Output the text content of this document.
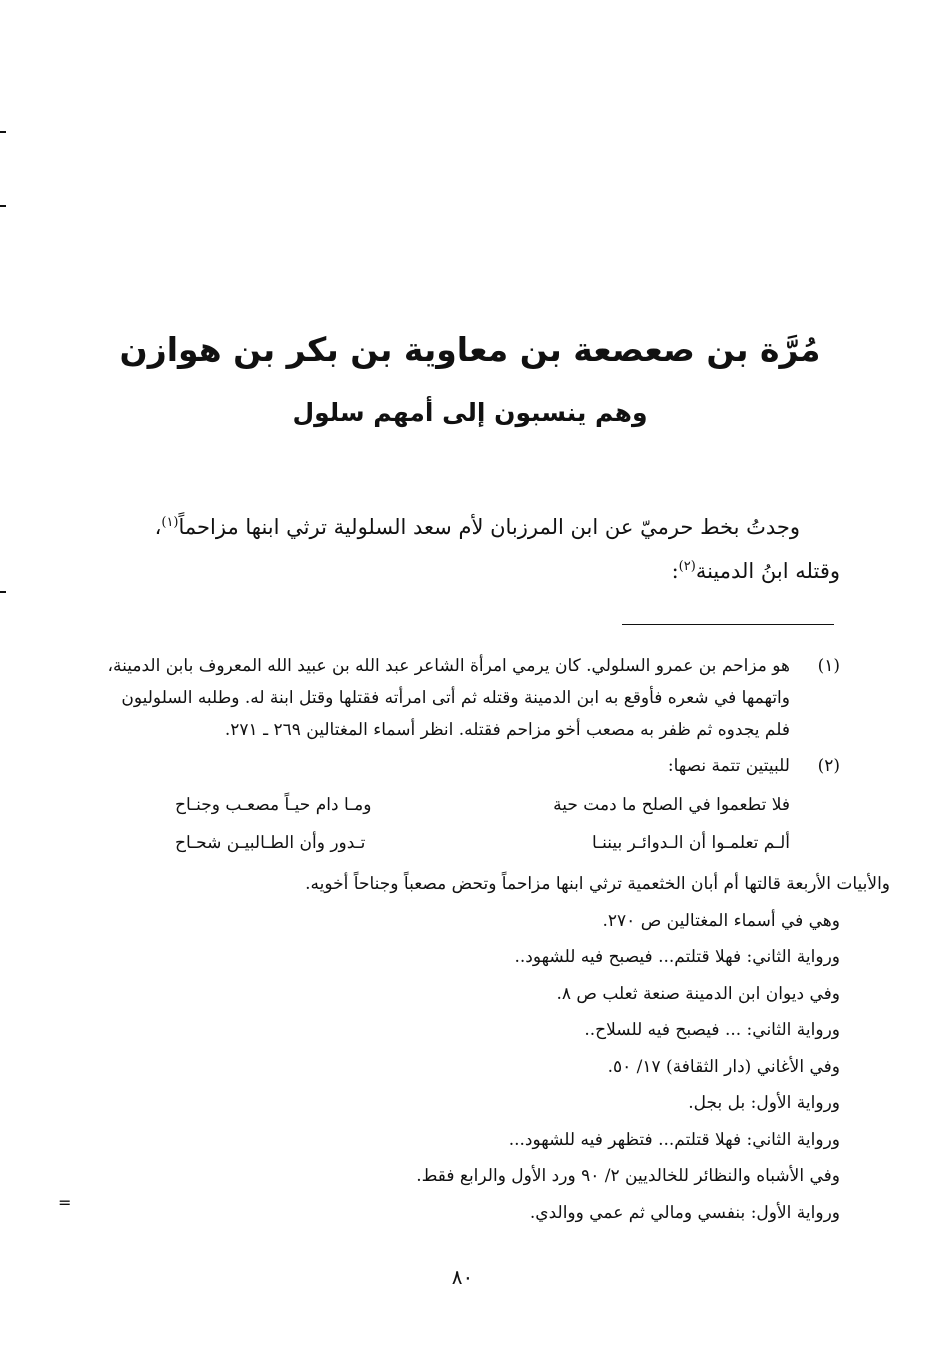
مُرَّة بن صعصعة بن معاوية بن بكر بن هوازن
وهم ينسبون إلى أمهم سلول
وجدتُ بخط حرميّ عن ابن المرزبان لأم سعد السلولية ترثي ابنها مزاحماً$^{(١)}$،
وقتله ابنُ الدمينة$^{(٢)}$:
(١)
هو مزاحم بن عمرو السلولي. كان يرمي امرأة الشاعر عبد الله بن عبيد الله المعروف بابن الدمينة،
واتهمها في شعره فأوقع به ابن الدمينة وقتله ثم أتى امرأته فقتلها وقتل ابنة له. وطلبه السلوليون
فلم يجدوه ثم ظفر به مصعب أخو مزاحم فقتله. انظر أسماء المغتالين ٢٦٩ ـ ٢٧١.
(٢)
للبيتين تتمة نصها:
فلا تطعموا في الصلح ما دمت حية
ومـا دام حيـاً مصعـب وجنـاح
ألـم تعلمـوا أن الـدوائـر بيننـا
تـدور وأن الطـالبيـن شحـاح
والأبيات الأربعة قالتها أم أبان الخثعمية ترثي ابنها مزاحماً وتحض مصعباً وجناحاً أخويه.
وهي في أسماء المغتالين ص ٢٧٠.
ورواية الثاني: فهلا قتلتم... فيصبح فيه للشهود..
وفي ديوان ابن الدمينة صنعة ثعلب ص ٨.
ورواية الثاني: ... فيصبح فيه للسلاح..
وفي الأغاني (دار الثقافة) ١٧/ ٥٠.
ورواية الأول: بل بجل.
ورواية الثاني: فهلا قتلتم... فتظهر فيه للشهود...
وفي الأشباه والنظائر للخالديين ٢/ ٩٠ ورد الأول والرابع فقط.
ورواية الأول: بنفسي ومالي ثم عمي ووالدي.
=
٨٠
